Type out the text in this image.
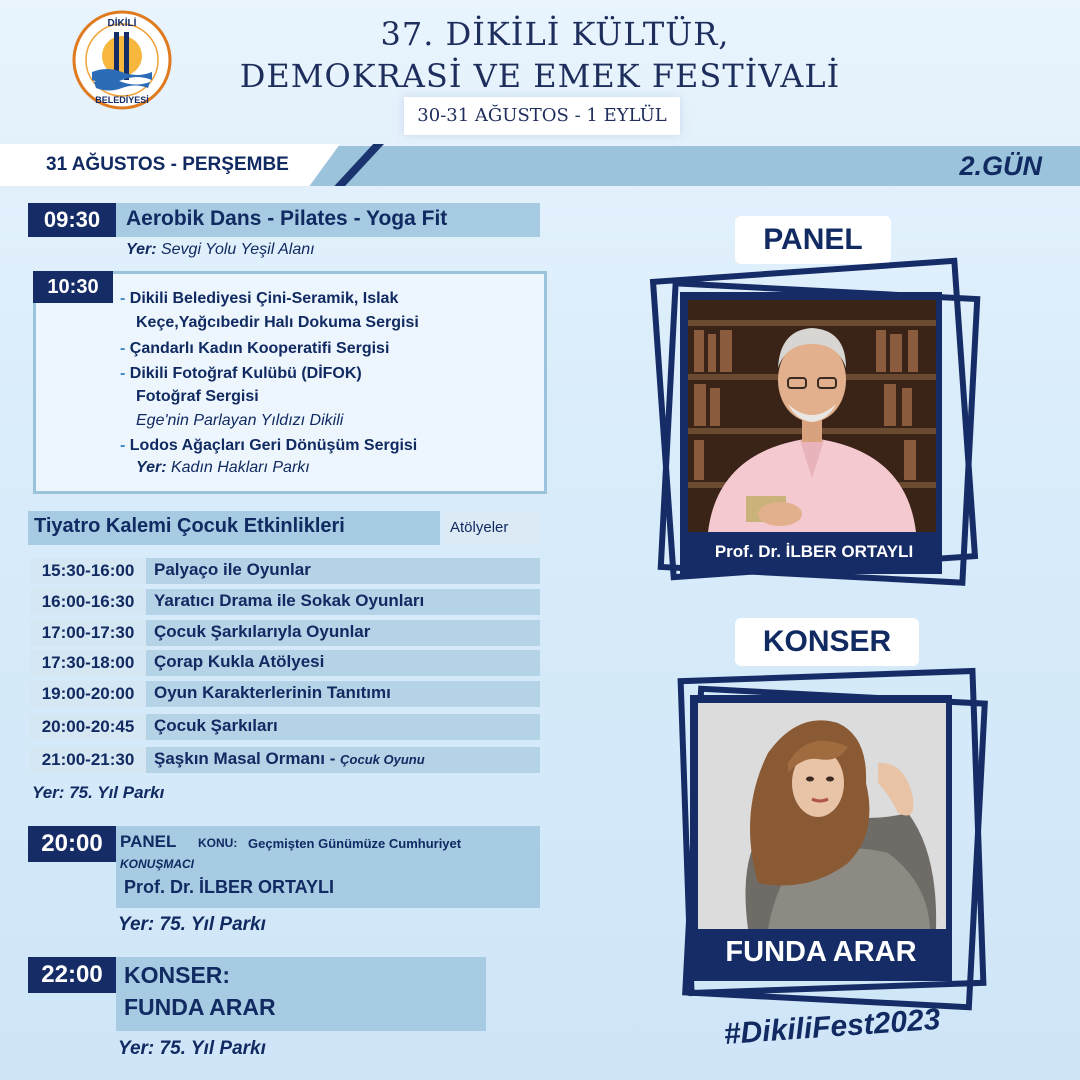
DİKİLİ
BELEDİYESİ
37. DİKİLİ KÜLTÜR,
DEMOKRASİ VE EMEK FESTİVALİ
30-31 AĞUSTOS - 1 EYLÜL
31 AĞUSTOS - PERŞEMBE	2.GÜN
09:30	Aerobik Dans - Pilates - Yoga Fit
Yer: Sevgi Yolu Yeşil Alanı
10:30
- Dikili Belediyesi Çini-Seramik, Islak
Keçe,Yağcıbedir Halı Dokuma Sergisi
- Çandarlı Kadın Kooperatifi Sergisi
- Dikili Fotoğraf Kulübü (DİFOK)
Fotoğraf Sergisi
Ege'nin Parlayan Yıldızı Dikili
- Lodos Ağaçları Geri Dönüşüm Sergisi
Yer: Kadın Hakları Parkı
Tiyatro Kalemi Çocuk Etkinlikleri	Atölyeler
15:30-16:00	Palyaço ile Oyunlar
16:00-16:30	Yaratıcı Drama ile Sokak Oyunları
17:00-17:30	Çocuk Şarkılarıyla Oyunlar
17:30-18:00	Çorap Kukla Atölyesi
19:00-20:00	Oyun Karakterlerinin Tanıtımı
20:00-20:45	Çocuk Şarkıları
21:00-21:30	Şaşkın Masal Ormanı - Çocuk Oyunu
Yer: 75. Yıl Parkı
20:00	PANEL KONU: Geçmişten Günümüze Cumhuriyet
KONUŞMACI
Prof. Dr. İLBER ORTAYLI
Yer: 75. Yıl Parkı
22:00 KONSER:
FUNDA ARAR
Yer: 75. Yıl Parkı
PANEL
Prof. Dr. İLBER ORTAYLI
KONSER
FUNDA ARAR
#DikiliFest2023
